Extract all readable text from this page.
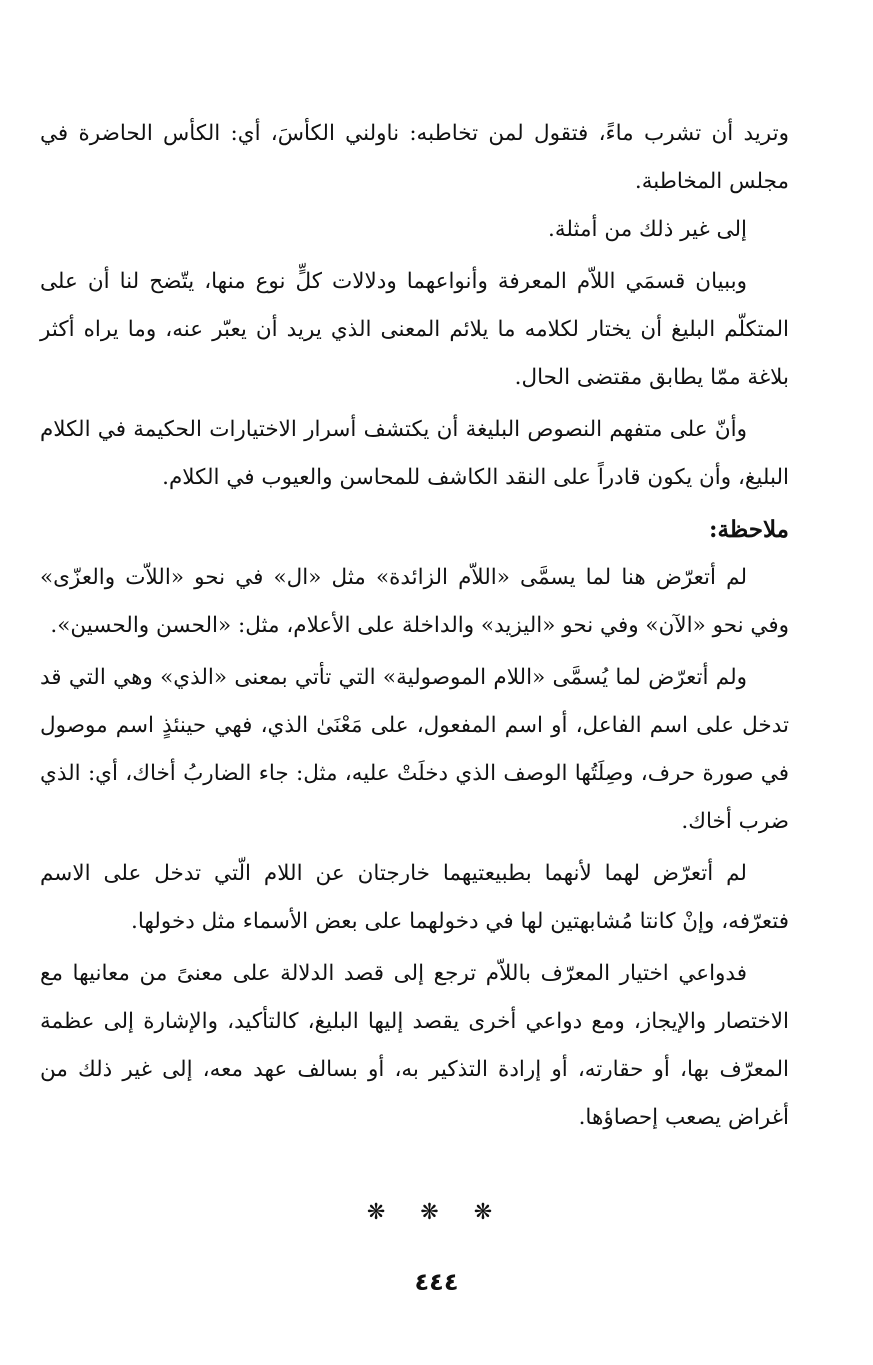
وتريد أن تشرب ماءً، فتقول لمن تخاطبه: ناولني الكأسَ، أي: الكأس الحاضرة في مجلس المخاطبة.

إلى غير ذلك من أمثلة.

وببيان قسمَي اللاّم المعرفة وأنواعهما ودلالات كلٍّ نوع منها، يتّضح لنا أن على المتكلّم البليغ أن يختار لكلامه ما يلائم المعنى الذي يريد أن يعبّر عنه، وما يراه أكثر بلاغة ممّا يطابق مقتضى الحال.

وأنّ على متفهم النصوص البليغة أن يكتشف أسرار الاختيارات الحكيمة في الكلام البليغ، وأن يكون قادراً على النقد الكاشف للمحاسن والعيوب في الكلام.

ملاحظة:

لم أتعرّض هنا لما يسمَّى «اللاّم الزائدة» مثل «ال» في نحو «اللاّت والعزّى» وفي نحو «الآن» وفي نحو «اليزيد» والداخلة على الأعلام، مثل: «الحسن والحسين».

ولم أتعرّض لما يُسمَّى «اللام الموصولية» التي تأتي بمعنى «الذي» وهي التي قد تدخل على اسم الفاعل، أو اسم المفعول، على مَعْنَىٰ الذي، فهي حينئذٍ اسم موصول في صورة حرف، وصِلَتُها الوصف الذي دخلَتْ عليه، مثل: جاء الضاربُ أخاك، أي: الذي ضرب أخاك.

لم أتعرّض لهما لأنهما بطبيعتيهما خارجتان عن اللام الّتي تدخل على الاسم فتعرّفه، وإنْ كانتا مُشابهتين لها في دخولهما على بعض الأسماء مثل دخولها.

فدواعي اختيار المعرّف باللاّم ترجع إلى قصد الدلالة على معنىً من معانيها مع الاختصار والإيجاز، ومع دواعي أخرى يقصد إليها البليغ، كالتأكيد، والإشارة إلى عظمة المعرّف بها، أو حقارته، أو إرادة التذكير به، أو بسالف عهد معه، إلى غير ذلك من أغراض يصعب إحصاؤها.

❋ ❋ ❋
٤٤٤
